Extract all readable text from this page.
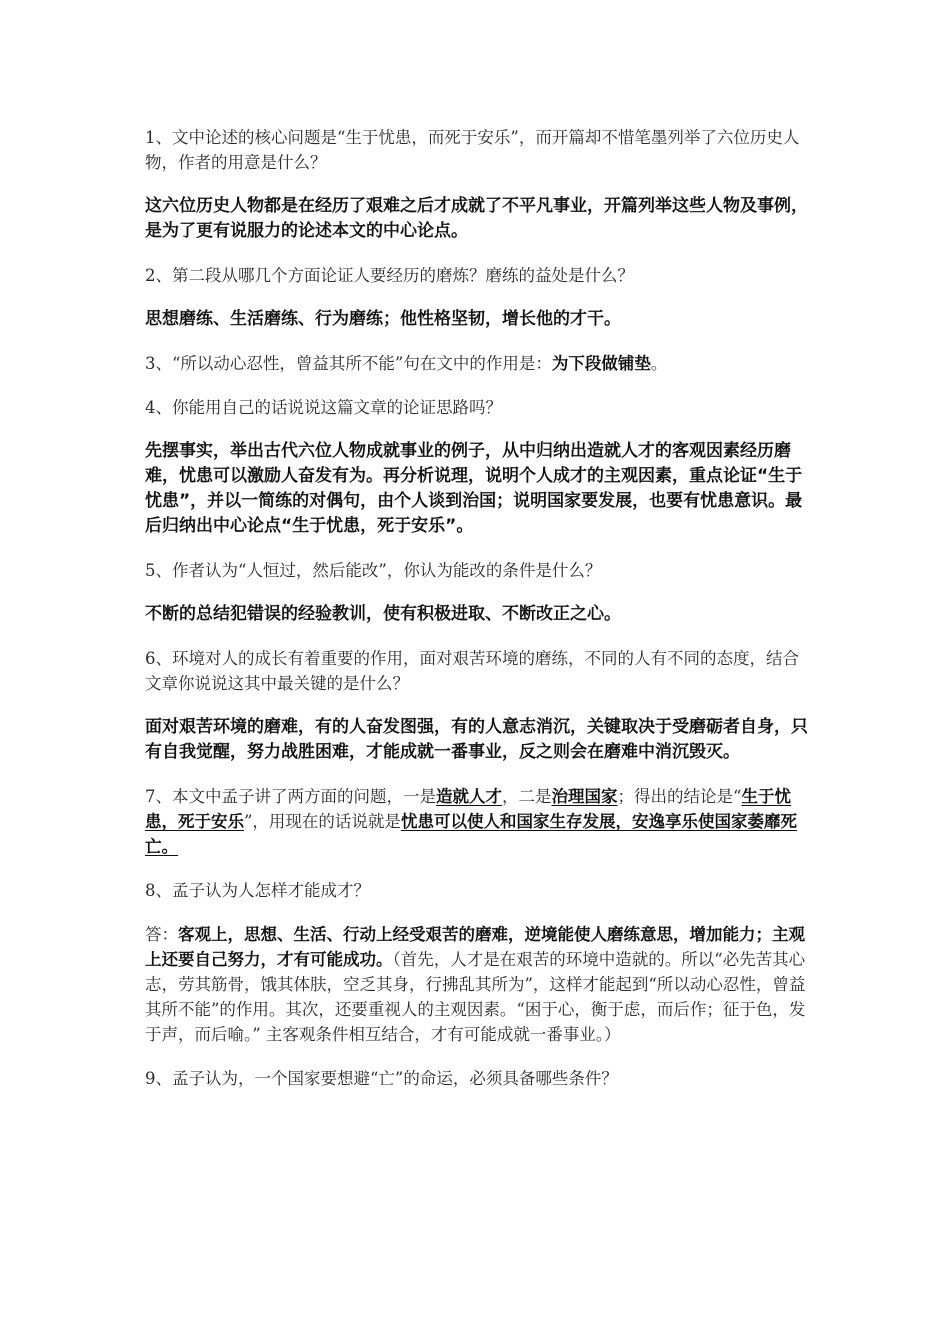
1、文中论述的核心问题是“生于忧患，而死于安乐”，而开篇却不惜笔墨列举了六位历史人物，作者的用意是什么？

这六位历史人物都是在经历了艰难之后才成就了不平凡事业，开篇列举这些人物及事例，是为了更有说服力的论述本文的中心论点。

2、第二段从哪几个方面论证人要经历的磨炼？磨练的益处是什么？

思想磨练、生活磨练、行为磨练；他性格坚韧，增长他的才干。

3、“所以动心忍性，曾益其所不能”句在文中的作用是：为下段做铺垫。

4、你能用自己的话说说这篇文章的论证思路吗？

先摆事实，举出古代六位人物成就事业的例子，从中归纳出造就人才的客观因素经历磨难，忧患可以激励人奋发有为。再分析说理，说明个人成才的主观因素，重点论证“生于忧患”，并以一简练的对偶句，由个人谈到治国；说明国家要发展，也要有忧患意识。最后归纳出中心论点“生于忧患，死于安乐”。

5、作者认为“人恒过，然后能改”，你认为能改的条件是什么？

不断的总结犯错误的经验教训，使有积极进取、不断改正之心。

6、环境对人的成长有着重要的作用，面对艰苦环境的磨练，不同的人有不同的态度，结合文章你说说这其中最关键的是什么？

面对艰苦环境的磨难，有的人奋发图强，有的人意志消沉，关键取决于受磨砺者自身，只有自我觉醒，努力战胜困难，才能成就一番事业，反之则会在磨难中消沉毁灭。

7、本文中孟子讲了两方面的问题，一是造就人才，二是治理国家；得出的结论是“生于忧患，死于安乐”，用现在的话说就是忧患可以使人和国家生存发展，安逸享乐使国家萎靡死亡。

8、孟子认为人怎样才能成才？

答：客观上，思想、生活、行动上经受艰苦的磨难，逆境能使人磨练意思，增加能力；主观上还要自己努力，才有可能成功。（首先，人才是在艰苦的环境中造就的。所以“必先苦其心志，劳其筋骨，饿其体肤，空乏其身，行拂乱其所为”，这样才能起到“所以动心忍性，曾益其所不能”的作用。其次，还要重视人的主观因素。“困于心，衡于虑，而后作；征于色，发于声，而后喻。” 主客观条件相互结合，才有可能成就一番事业。）

9、孟子认为，一个国家要想避“亡”的命运，必须具备哪些条件？
